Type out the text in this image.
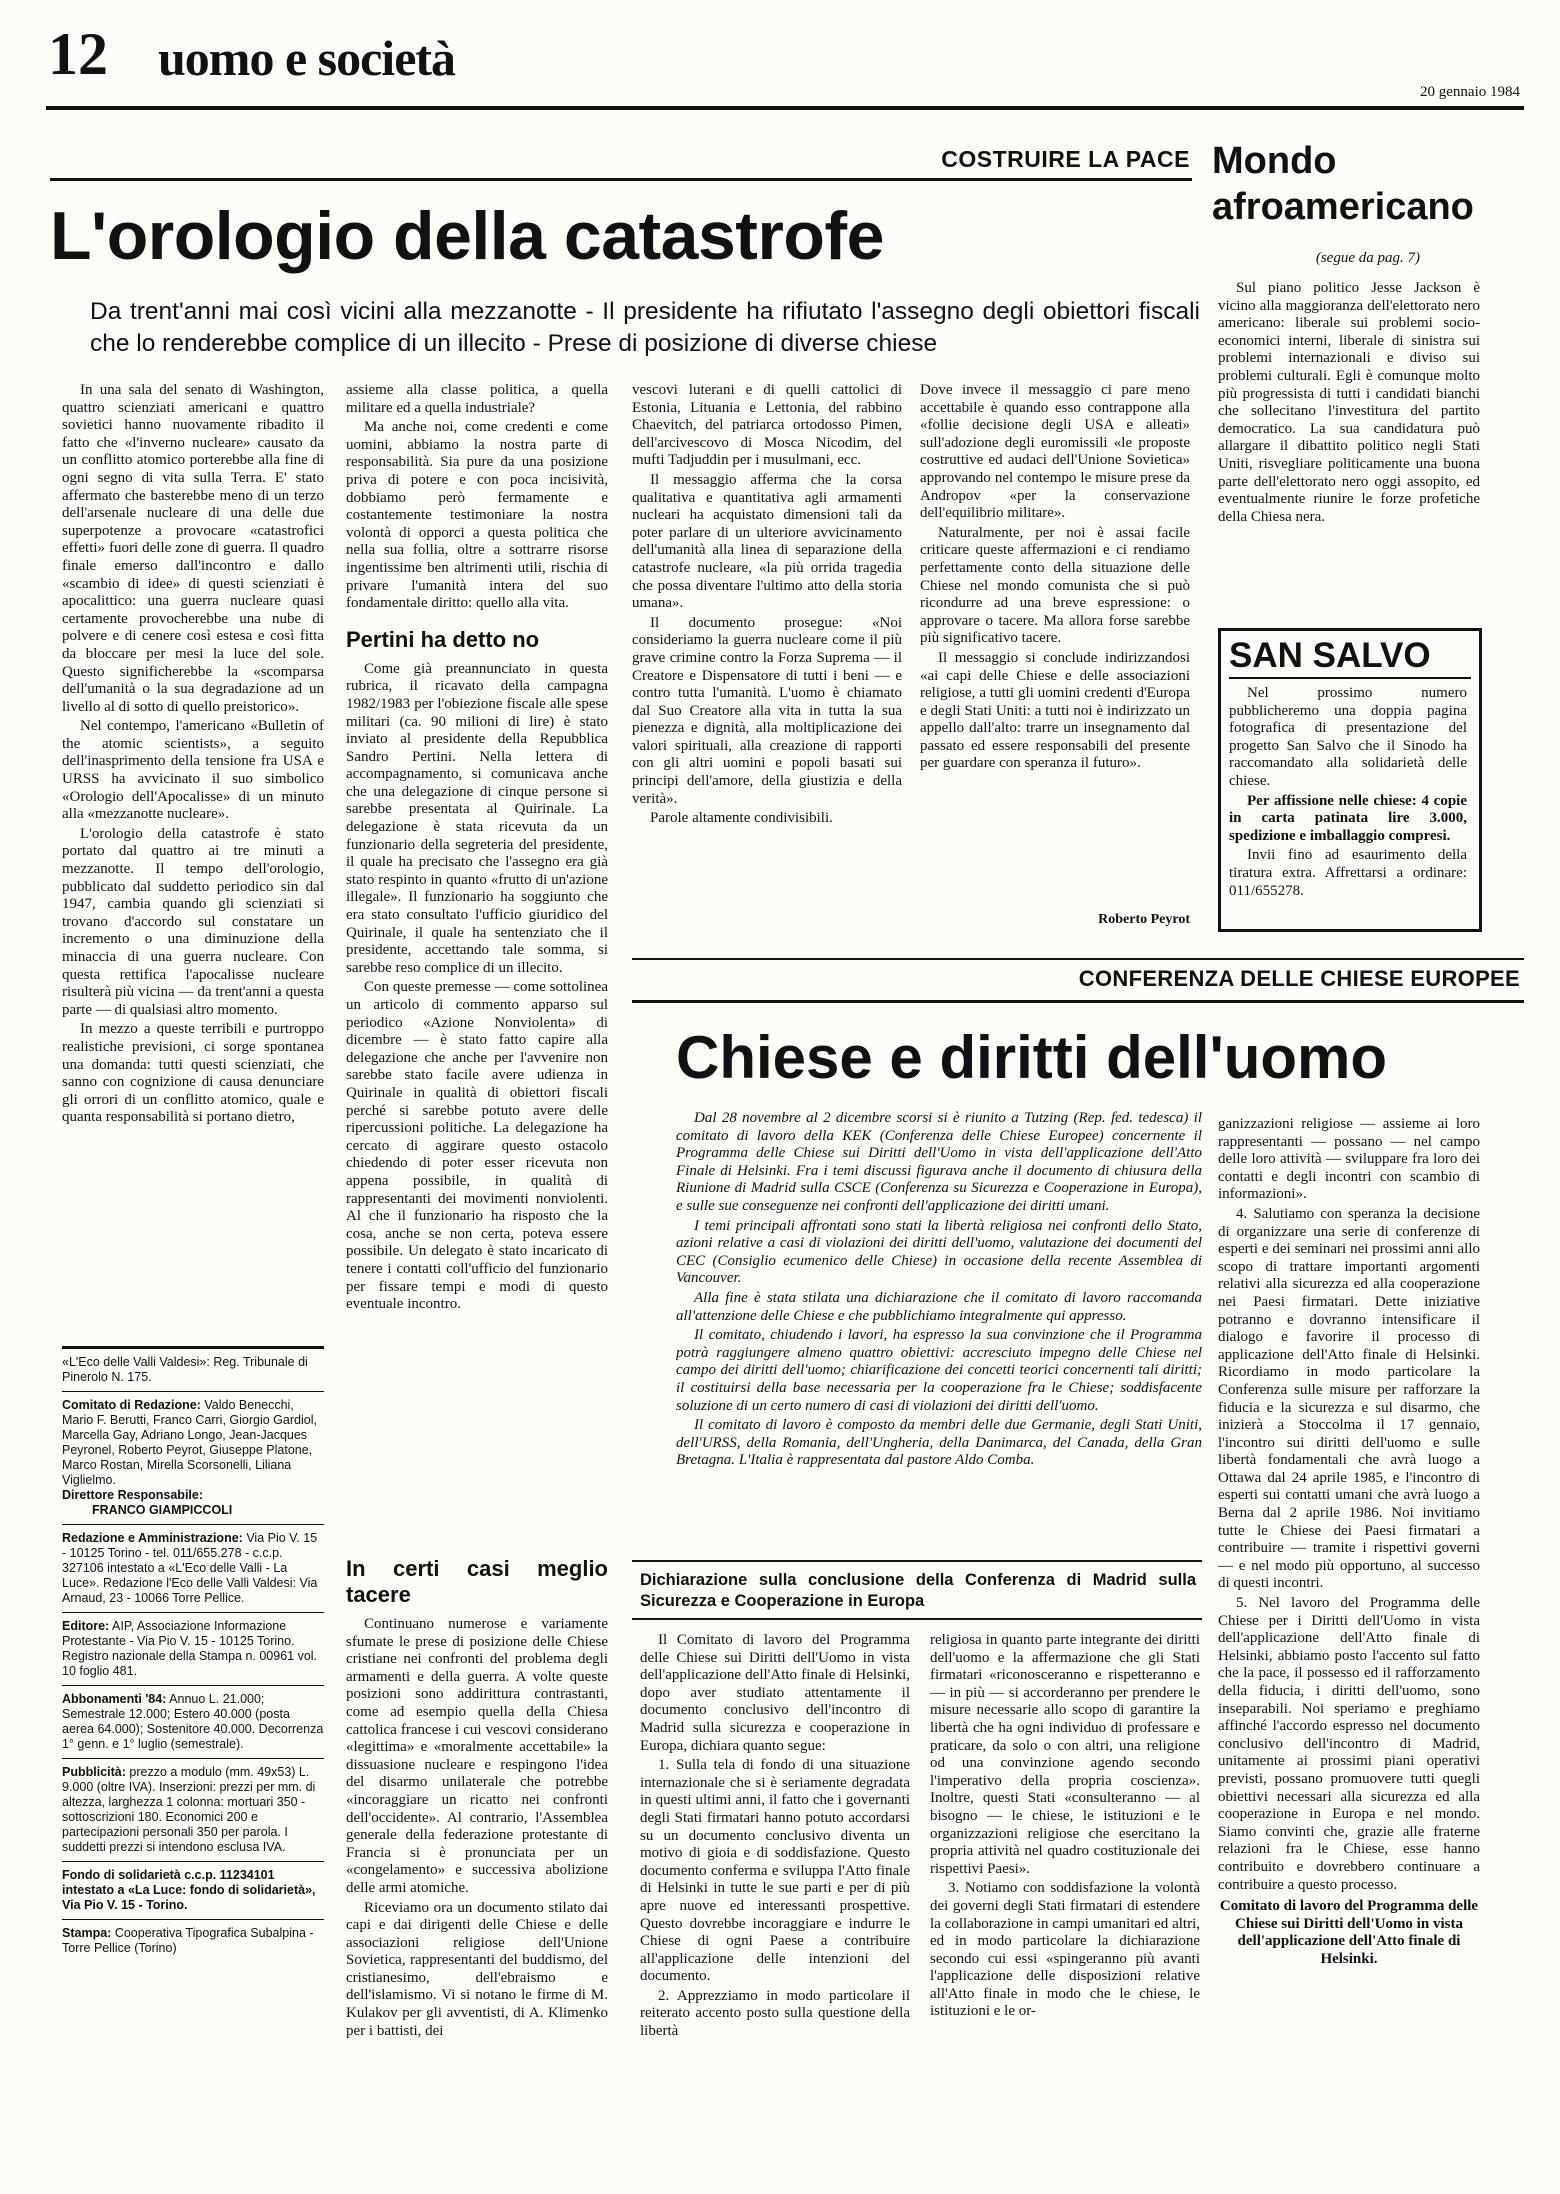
12 uomo e società
20 gennaio 1984
COSTRUIRE LA PACE
L'orologio della catastrofe
Da trent'anni mai così vicini alla mezzanotte - Il presidente ha rifiutato l'assegno degli obiettori fiscali che lo renderebbe complice di un illecito - Prese di posizione di diverse chiese

In una sala del senato di Washington, quattro scienziati americani e quattro sovietici hanno nuovamente ribadito il fatto che «l'inverno nucleare» causato da un conflitto atomico porterebbe alla fine di ogni segno di vita sulla Terra. E' stato affermato che basterebbe meno di un terzo dell'arsenale nucleare di una delle due superpotenze a provocare «catastrofici effetti» fuori delle zone di guerra. Il quadro finale emerso dall'incontro e dallo «scambio di idee» di questi scienziati è apocalittico: una guerra nucleare quasi certamente provocherebbe una nube di polvere e di cenere così estesa e così fitta da bloccare per mesi la luce del sole. Questo significherebbe la «scomparsa dell'umanità o la sua degradazione ad un livello al di sotto di quello preistorico».

Nel contempo, l'americano «Bulletin of the atomic scientists», a seguito dell'inasprimento della tensione fra USA e URSS ha avvicinato il suo simbolico «Orologio dell'Apocalisse» di un minuto alla «mezzanotte nucleare».

L'orologio della catastrofe è stato portato dal quattro ai tre minuti a mezzanotte. Il tempo dell'orologio, pubblicato dal suddetto periodico sin dal 1947, cambia quando gli scienziati si trovano d'accordo sul constatare un incremento o una diminuzione della minaccia di una guerra nucleare. Con questa rettifica l'apocalisse nucleare risulterà più vicina — da trent'anni a questa parte — di qualsiasi altro momento.

In mezzo a queste terribili e purtroppo realistiche previsioni, ci sorge spontanea una domanda: tutti questi scienziati, che sanno con cognizione di causa denunciare gli orrori di un conflitto atomico, quale e quanta responsabilità si portano dietro,

assieme alla classe politica, a quella militare ed a quella industriale?

Ma anche noi, come credenti e come uomini, abbiamo la nostra parte di responsabilità. Sia pure da una posizione priva di potere e con poca incisività, dobbiamo però fermamente e costantemente testimoniare la nostra volontà di opporci a questa politica che nella sua follia, oltre a sottrarre risorse ingentissime ben altrimenti utili, rischia di privare l'umanità intera del suo fondamentale diritto: quello alla vita.

Pertini ha detto no

Come già preannunciato in questa rubrica, il ricavato della campagna 1982/1983 per l'obiezione fiscale alle spese militari (ca. 90 milioni di lire) è stato inviato al presidente della Repubblica Sandro Pertini. Nella lettera di accompagnamento, si comunicava anche che una delegazione di cinque persone si sarebbe presentata al Quirinale. La delegazione è stata ricevuta da un funzionario della segreteria del presidente, il quale ha precisato che l'assegno era già stato respinto in quanto «frutto di un'azione illegale». Il funzionario ha soggiunto che era stato consultato l'ufficio giuridico del Quirinale, il quale ha sentenziato che il presidente, accettando tale somma, si sarebbe reso complice di un illecito.

Con queste premesse — come sottolinea un articolo di commento apparso sul periodico «Azione Nonviolenta» di dicembre — è stato fatto capire alla delegazione che anche per l'avvenire non sarebbe stato facile avere udienza in Quirinale in qualità di obiettori fiscali perché si sarebbe potuto avere delle ripercussioni politiche. La delegazione ha cercato di aggirare questo ostacolo chiedendo di poter esser ricevuta non appena possibile, in qualità di rappresentanti dei movimenti nonviolenti. Al che il funzionario ha risposto che la cosa, anche se non certa, poteva essere possibile. Un delegato è stato incaricato di tenere i contatti coll'ufficio del funzionario per fissare tempi e modi di questo eventuale incontro.

vescovi luterani e di quelli cattolici di Estonia, Lituania e Lettonia, del rabbino Chaevitch, del patriarca ortodosso Pimen, dell'arcivescovo di Mosca Nicodim, del mufti Tadjuddin per i musulmani, ecc.

Il messaggio afferma che la corsa qualitativa e quantitativa agli armamenti nucleari ha acquistato dimensioni tali da poter parlare di un ulteriore avvicinamento dell'umanità alla linea di separazione della catastrofe nucleare, «la più orrida tragedia che possa diventare l'ultimo atto della storia umana».

Il documento prosegue: «Noi consideriamo la guerra nucleare come il più grave crimine contro la Forza Suprema — il Creatore e Dispensatore di tutti i beni — e contro tutta l'umanità. L'uomo è chiamato dal Suo Creatore alla vita in tutta la sua pienezza e dignità, alla moltiplicazione dei valori spirituali, alla creazione di rapporti con gli altri uomini e popoli basati sui principi dell'amore, della giustizia e della verità».

Parole altamente condivisibili.

Dove invece il messaggio ci pare meno accettabile è quando esso contrappone alla «follie decisione degli USA e alleati» sull'adozione degli euromissili «le proposte costruttive ed audaci dell'Unione Sovietica» approvando nel contempo le misure prese da Andropov «per la conservazione dell'equilibrio militare».

Naturalmente, per noi è assai facile criticare queste affermazioni e ci rendiamo perfettamente conto della situazione delle Chiese nel mondo comunista che si può ricondurre ad una breve espressione: o approvare o tacere. Ma allora forse sarebbe più significativo tacere.

Il messaggio si conclude indirizzandosi «ai capi delle Chiese e delle associazioni religiose, a tutti gli uomini credenti d'Europa e degli Stati Uniti: a tutti noi è indirizzato un appello dall'alto: trarre un insegnamento dal passato ed essere responsabili del presente per guardare con speranza il futuro».

Roberto Peyrot
Mondo afroamericano
(segue da pag. 7)

Sul piano politico Jesse Jackson è vicino alla maggioranza dell'elettorato nero americano: liberale sui problemi socio-economici interni, liberale di sinistra sui problemi internazionali e diviso sui problemi culturali. Egli è comunque molto più progressista di tutti i candidati bianchi che sollecitano l'investitura del partito democratico. La sua candidatura può allargare il dibattito politico negli Stati Uniti, risvegliare politicamente una buona parte dell'elettorato nero oggi assopito, ed eventualmente riunire le forze profetiche della Chiesa nera.

SAN SALVO

Nel prossimo numero pubblicheremo una doppia pagina fotografica di presentazione del progetto San Salvo che il Sinodo ha raccomandato alla solidarietà delle chiese.

Per affissione nelle chiese: 4 copie in carta patinata lire 3.000, spedizione e imballaggio compresi.

Invii fino ad esaurimento della tiratura extra. Affrettarsi a ordinare: 011/655278.

«L'Eco delle Valli Valdesi»: Reg. Tribunale di Pinerolo N. 175.
Comitato di Redazione: Valdo Benecchi, Mario F. Berutti, Franco Carri, Giorgio Gardiol, Marcella Gay, Adriano Longo, Jean-Jacques Peyronel, Roberto Peyrot, Giuseppe Platone, Marco Rostan, Mirella Scorsonelli, Liliana Viglielmo.
Direttore Responsabile:
FRANCO GIAMPICCOLI
Redazione e Amministrazione: Via Pio V. 15 - 10125 Torino - tel. 011/655.278 - c.c.p. 327106 intestato a «L'Eco delle Valli - La Luce». Redazione l'Eco delle Valli Valdesi: Via Arnaud, 23 - 10066 Torre Pellice.
Editore: AIP, Associazione Informazione Protestante - Via Pio V. 15 - 10125 Torino. Registro nazionale della Stampa n. 00961 vol. 10 foglio 481.
Abbonamenti '84: Annuo L. 21.000; Semestrale 12.000; Estero 40.000 (posta aerea 64.000); Sostenitore 40.000. Decorrenza 1° genn. e 1° luglio (semestrale).
Pubblicità: prezzo a modulo (mm. 49x53) L. 9.000 (oltre IVA). Inserzioni: prezzi per mm. di altezza, larghezza 1 colonna: mortuari 350 - sottoscrizioni 180. Economici 200 e partecipazioni personali 350 per parola. I suddetti prezzi si intendono esclusa IVA.
Fondo di solidarietà c.c.p. 11234101 intestato a «La Luce: fondo di solidarietà», Via Pio V. 15 - Torino.
Stampa: Cooperativa Tipografica Subalpina - Torre Pellice (Torino)
In certi casi meglio tacere

Continuano numerose e variamente sfumate le prese di posizione delle Chiese cristiane nei confronti del problema degli armamenti e della guerra. A volte queste posizioni sono addirittura contrastanti, come ad esempio quella della Chiesa cattolica francese i cui vescovi considerano «legittima» e «moralmente accettabile» la dissuasione nucleare e respingono l'idea del disarmo unilaterale che potrebbe «incoraggiare un ricatto nei confronti dell'occidente». Al contrario, l'Assemblea generale della federazione protestante di Francia si è pronunciata per un «congelamento» e successiva abolizione delle armi atomiche.

Riceviamo ora un documento stilato dai capi e dai dirigenti delle Chiese e delle associazioni religiose dell'Unione Sovietica, rappresentanti del buddismo, del cristianesimo, dell'ebraismo e dell'islamismo. Vi si notano le firme di M. Kulakov per gli avventisti, di A. Klimenko per i battisti, dei

CONFERENZA DELLE CHIESE EUROPEE
Chiese e diritti dell'uomo

Dal 28 novembre al 2 dicembre scorsi si è riunito a Tutzing (Rep. fed. tedesca) il comitato di lavoro della KEK (Conferenza delle Chiese Europee) concernente il Programma delle Chiese sui Diritti dell'Uomo in vista dell'applicazione dell'Atto Finale di Helsinki. Fra i temi discussi figurava anche il documento di chiusura della Riunione di Madrid sulla CSCE (Conferenza su Sicurezza e Cooperazione in Europa), e sulle sue conseguenze nei confronti dell'applicazione dei diritti umani.

I temi principali affrontati sono stati la libertà religiosa nei confronti dello Stato, azioni relative a casi di violazioni dei diritti dell'uomo, valutazione dei documenti del CEC (Consiglio ecumenico delle Chiese) in occasione della recente Assemblea di Vancouver.

Alla fine è stata stilata una dichiarazione che il comitato di lavoro raccomanda all'attenzione delle Chiese e che pubblichiamo integralmente qui appresso.

Il comitato, chiudendo i lavori, ha espresso la sua convinzione che il Programma potrà raggiungere almeno quattro obiettivi: accresciuto impegno delle Chiese nel campo dei diritti dell'uomo; chiarificazione dei concetti teorici concernenti tali diritti; il costituirsi della base necessaria per la cooperazione fra le Chiese; soddisfacente soluzione di un certo numero di casi di violazioni dei diritti dell'uomo.

Il comitato di lavoro è composto da membri delle due Germanie, degli Stati Uniti, dell'URSS, della Romania, dell'Ungheria, della Danimarca, del Canada, della Gran Bretagna. L'Italia è rappresentata dal pastore Aldo Comba.

Dichiarazione sulla conclusione della Conferenza di Madrid sulla Sicurezza e Cooperazione in Europa

Il Comitato di lavoro del Programma delle Chiese sui Diritti dell'Uomo in vista dell'applicazione dell'Atto finale di Helsinki, dopo aver studiato attentamente il documento conclusivo dell'incontro di Madrid sulla sicurezza e cooperazione in Europa, dichiara quanto segue:

1. Sulla tela di fondo di una situazione internazionale che si è seriamente degradata in questi ultimi anni, il fatto che i governanti degli Stati firmatari hanno potuto accordarsi su un documento conclusivo diventa un motivo di gioia e di soddisfazione. Questo documento conferma e sviluppa l'Atto finale di Helsinki in tutte le sue parti e per di più apre nuove ed interessanti prospettive. Questo dovrebbe incoraggiare e indurre le Chiese di ogni Paese a contribuire all'applicazione delle intenzioni del documento.

2. Apprezziamo in modo particolare il reiterato accento posto sulla questione della libertà

religiosa in quanto parte integrante dei diritti dell'uomo e la affermazione che gli Stati firmatari «riconosceranno e rispetteranno e — in più — si accorderanno per prendere le misure necessarie allo scopo di garantire la libertà che ha ogni individuo di professare e praticare, da solo o con altri, una religione od una convinzione agendo secondo l'imperativo della propria coscienza». Inoltre, questi Stati «consulteranno — al bisogno — le chiese, le istituzioni e le organizzazioni religiose che esercitano la propria attività nel quadro costituzionale dei rispettivi Paesi».

3. Notiamo con soddisfazione la volontà dei governi degli Stati firmatari di estendere la collaborazione in campi umanitari ed altri, ed in modo particolare la dichiarazione secondo cui essi «spingeranno più avanti l'applicazione delle disposizioni relative all'Atto finale in modo che le chiese, le istituzioni e le or-

ganizzazioni religiose — assieme ai loro rappresentanti — possano — nel campo delle loro attività — sviluppare fra loro dei contatti e degli incontri con scambio di informazioni».

4. Salutiamo con speranza la decisione di organizzare una serie di conferenze di esperti e dei seminari nei prossimi anni allo scopo di trattare importanti argomenti relativi alla sicurezza ed alla cooperazione nei Paesi firmatari. Dette iniziative potranno e dovranno intensificare il dialogo e favorire il processo di applicazione dell'Atto finale di Helsinki. Ricordiamo in modo particolare la Conferenza sulle misure per rafforzare la fiducia e la sicurezza e sul disarmo, che inizierà a Stoccolma il 17 gennaio, l'incontro sui diritti dell'uomo e sulle libertà fondamentali che avrà luogo a Ottawa dal 24 aprile 1985, e l'incontro di esperti sui contatti umani che avrà luogo a Berna dal 2 aprile 1986. Noi invitiamo tutte le Chiese dei Paesi firmatari a contribuire — tramite i rispettivi governi — e nel modo più opportuno, al successo di questi incontri.

5. Nel lavoro del Programma delle Chiese per i Diritti dell'Uomo in vista dell'applicazione dell'Atto finale di Helsinki, abbiamo posto l'accento sul fatto che la pace, il possesso ed il rafforzamento della fiducia, i diritti dell'uomo, sono inseparabili. Noi speriamo e preghiamo affinché l'accordo espresso nel documento conclusivo dell'incontro di Madrid, unitamente ai prossimi piani operativi previsti, possano promuovere tutti quegli obiettivi necessari alla sicurezza ed alla cooperazione in Europa e nel mondo. Siamo convinti che, grazie alle fraterne relazioni fra le Chiese, esse hanno contribuito e dovrebbero continuare a contribuire a questo processo.

Comitato di lavoro del Programma delle Chiese sui Diritti dell'Uomo in vista dell'applicazione dell'Atto finale di Helsinki.
